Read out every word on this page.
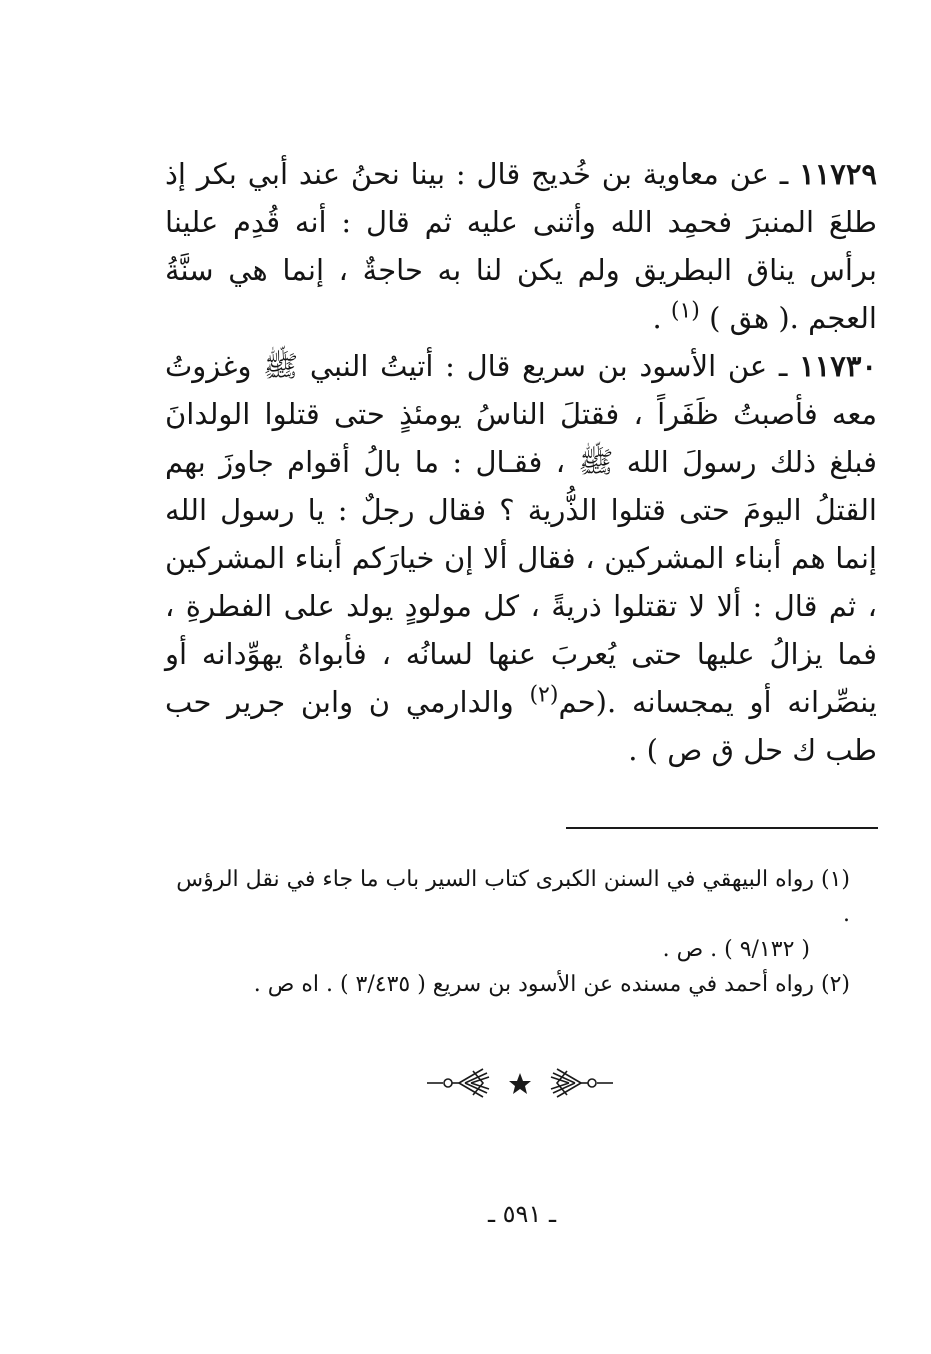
١١٧٢٩ ـ عن معاوية بن خُديج قال : بينا نحنُ عند أبي بكر إذ طلعَ المنبرَ فحمِد الله وأثنى عليه ثم قال : أنه قُدِم علينا برأس يناق البطريق ولم يكن لنا به حاجةٌ ، إنما هي سنَّةُ العجم .( هق ) $^{(١)}$ .

١١٧٣٠ ـ عن الأسود بن سريع قال : أتيتُ النبي ﷺ وغزوتُ معه فأصبتُ ظَفَراً ، فقتلَ الناسُ يومئذٍ حتى قتلوا الولدانَ فبلغ ذلك رسولَ الله ﷺ ، فقـال : ما بالُ أقوام جاوزَ بهم القتلُ اليومَ حتى قتلوا الذُّرية ؟ فقال رجلٌ : يا رسول الله إنما هم أبناء المشركين ، فقال ألا إن خيارَكم أبناء المشركين ، ثم قال : ألا لا تقتلوا ذريةً ، كل مولودٍ يولد على الفطرةِ ، فما يزالُ عليها حتى يُعربَ عنها لسانُه ، فأبواهُ يهوِّدانه أو ينصِّرانه أو يمجسانه .(حم$^{(٢)}$ والدارمي ن وابن جرير حب طب ك حل ق ص ) .

(١) رواه البيهقي في السنن الكبرى كتاب السير باب ما جاء في نقل الرؤس .
( ٩/١٣٢ ) . ص .
(٢) رواه أحمد في مسنده عن الأسود بن سريع ( ٣/٤٣٥ ) . اه ص .
ـ ٥٩١ ـ
